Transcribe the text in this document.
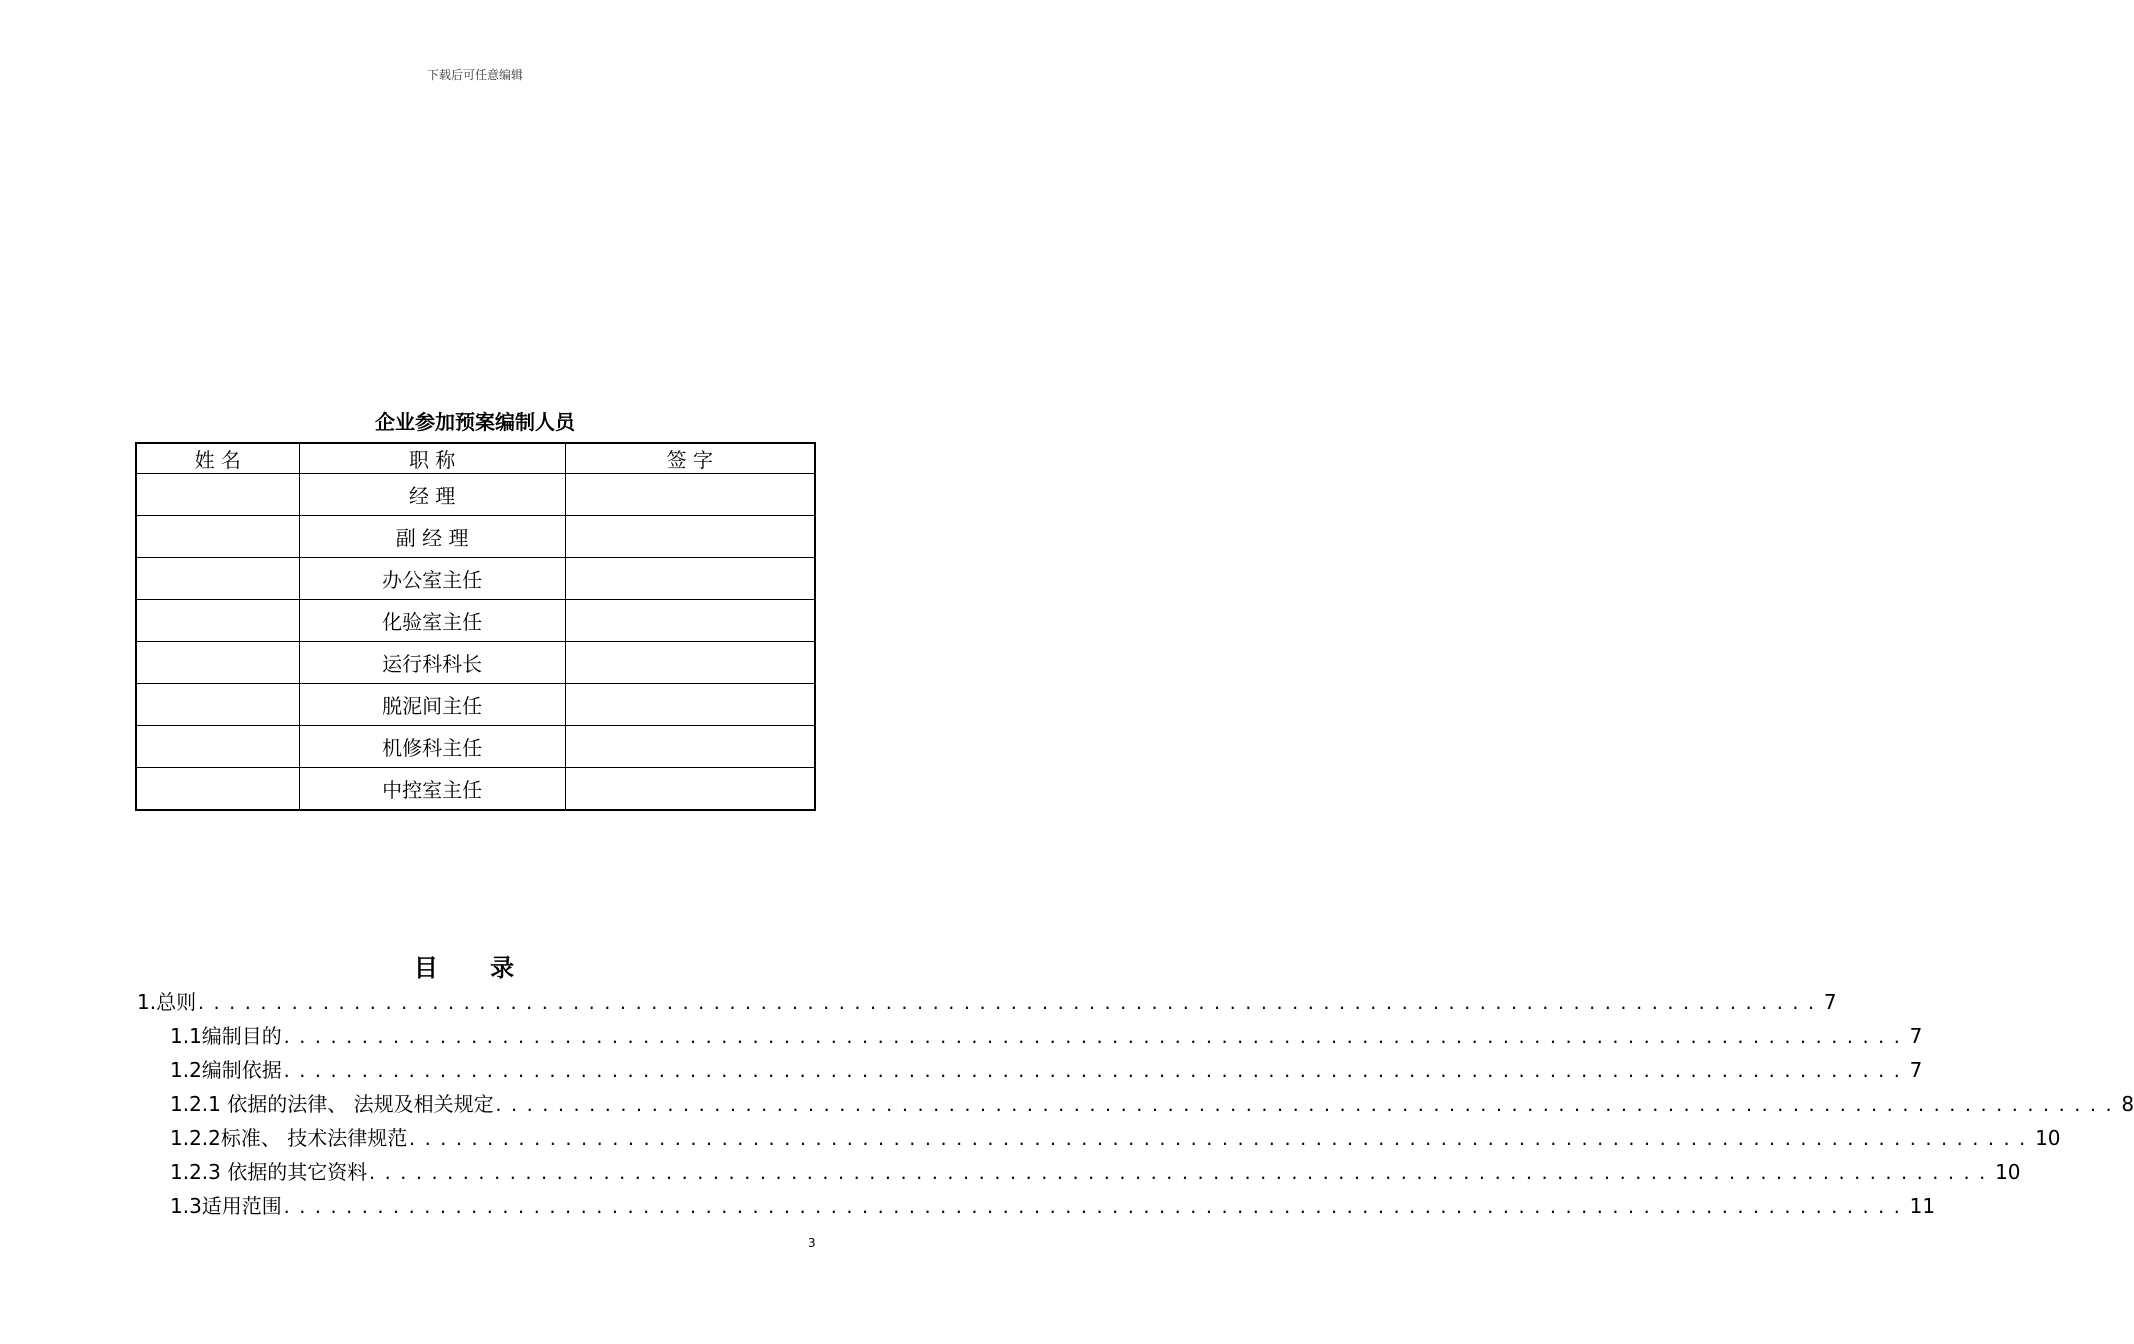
下载后可任意编辑
企业参加预案编制人员
姓 名	职 称	签 字
	经 理	
	副 经 理	
	办公室主任	
	化验室主任	
	运行科科长	
	脱泥间主任	
	机修科主任	
	中控室主任	
目 录
1.总则 ........................................................................................................ 7
1.1编制目的 ........................................................................................................ 7
1.2编制依据 ........................................................................................................ 7
1.2.1 依据的法律、 法规及相关规定 ........................................................................................................ 8
1.2.2标准、 技术法律规范 ........................................................................................................ 10
1.2.3 依据的其它资料 ........................................................................................................ 10
1.3适用范围 ........................................................................................................ 11
3
